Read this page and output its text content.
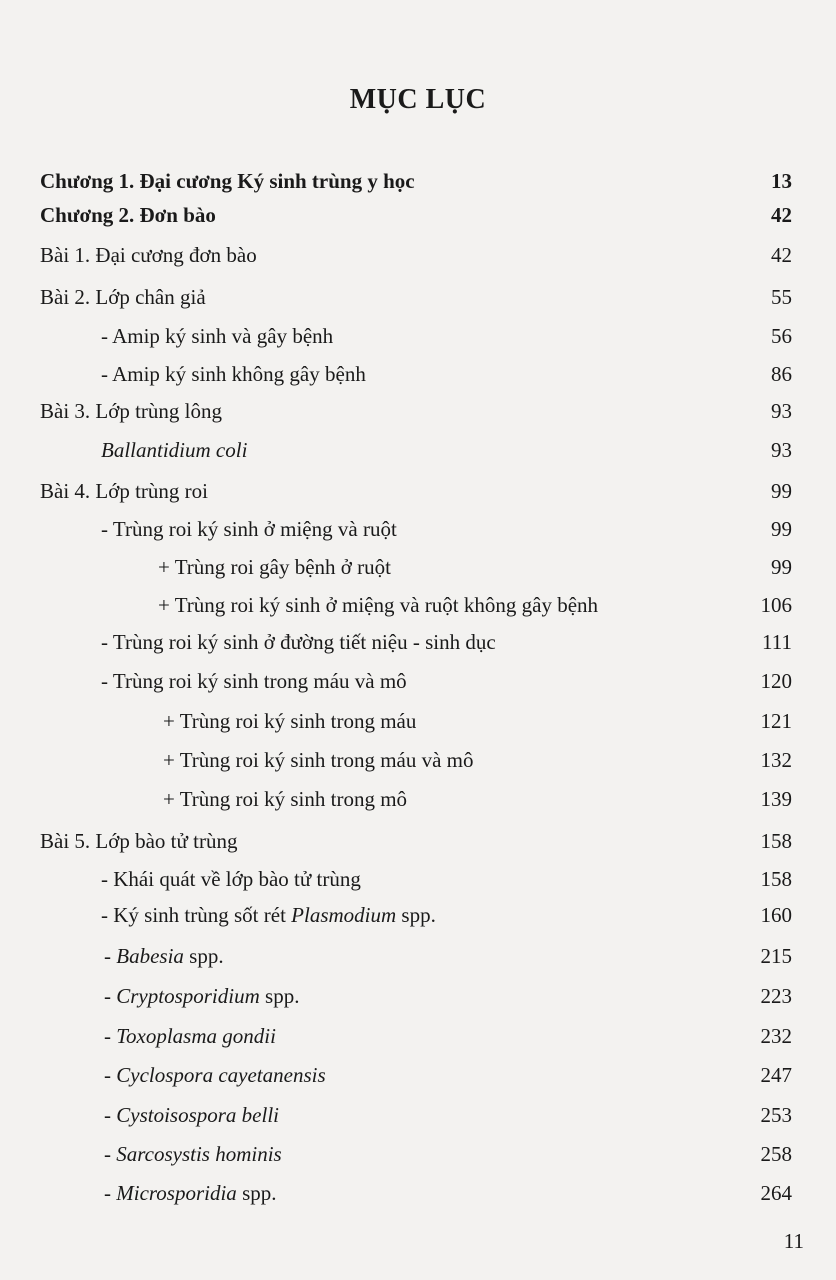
MỤC LỤC
Chương 1. Đại cương Ký sinh trùng y học	13
Chương 2. Đơn bào	42
Bài 1. Đại cương đơn bào	42
Bài 2. Lớp chân giả	55
- Amip ký sinh và gây bệnh	56
- Amip ký sinh không gây bệnh	86
Bài 3. Lớp trùng lông	93
Ballantidium coli	93
Bài 4. Lớp trùng roi	99
- Trùng roi ký sinh ở miệng và ruột	99
+ Trùng roi gây bệnh ở ruột	99
+ Trùng roi ký sinh ở miệng và ruột không gây bệnh	106
- Trùng roi ký sinh ở đường tiết niệu - sinh dục	111
- Trùng roi ký sinh trong máu và mô	120
+ Trùng roi ký sinh trong máu	121
+ Trùng roi ký sinh trong máu và mô	132
+ Trùng roi ký sinh trong mô	139
Bài 5. Lớp bào tử trùng	158
- Khái quát về lớp bào tử trùng	158
- Ký sinh trùng sốt rét Plasmodium spp.	160
- Babesia spp.	215
- Cryptosporidium spp.	223
- Toxoplasma gondii	232
- Cyclospora cayetanensis	247
- Cystoisospora belli	253
- Sarcosystis hominis	258
- Microsporidia spp.	264
11
